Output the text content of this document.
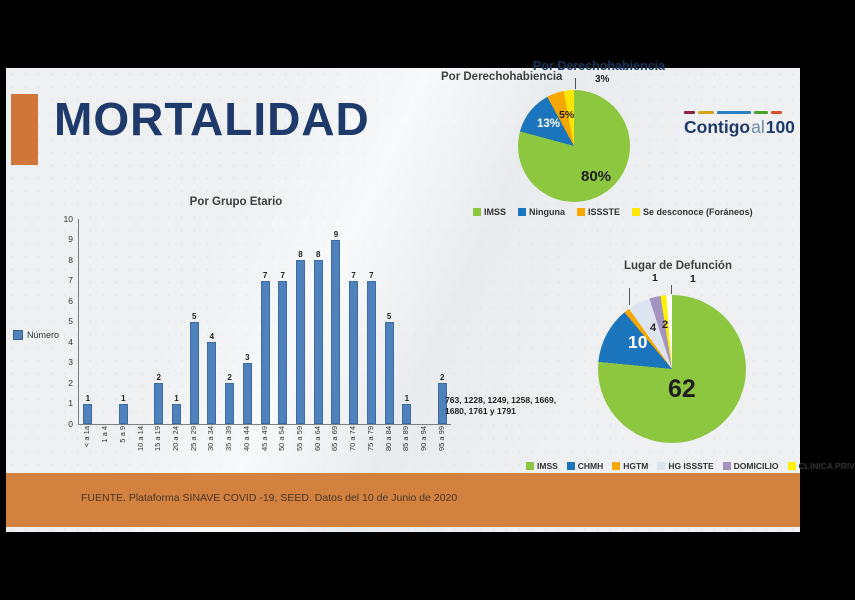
MORTALIDAD
Por Derechohabiencia
Contigoal100
Por Grupo Etario
Número
10
9
8
7
6
5
4
3
2
1
0
1	1
2
1
5
4
2
3
7 7
8 8
9
7 7
5
1
2
< a 1a 1 a 4 5 a 9 10 a 14 15 a 19 20 a 24 25 a 29 30 a 34 35 a 39 40 a 44 45 a 49 50 a 54 55 a 59 60 a 64 65 a 69 70 a 74 75 a 79 80 a 84 85 a 89 90 a 94 95 a 99
763, 1228, 1249, 1258, 1669, 1680, 1761 y 1791
Por Derechohabiencia
80%
13%
5%
3%
IMSS	Ninguna	ISSSTE	Se desconoce (Foráneos)
Lugar de Defunción
62
10
4 2
1	1
IMSS CHMH HGTM HG ISSSTE DOMICILIO CLINICA PRIV
FUENTE. Plataforma SINAVE COVID -19, SEED. Datos del 10 de Junio de 2020
